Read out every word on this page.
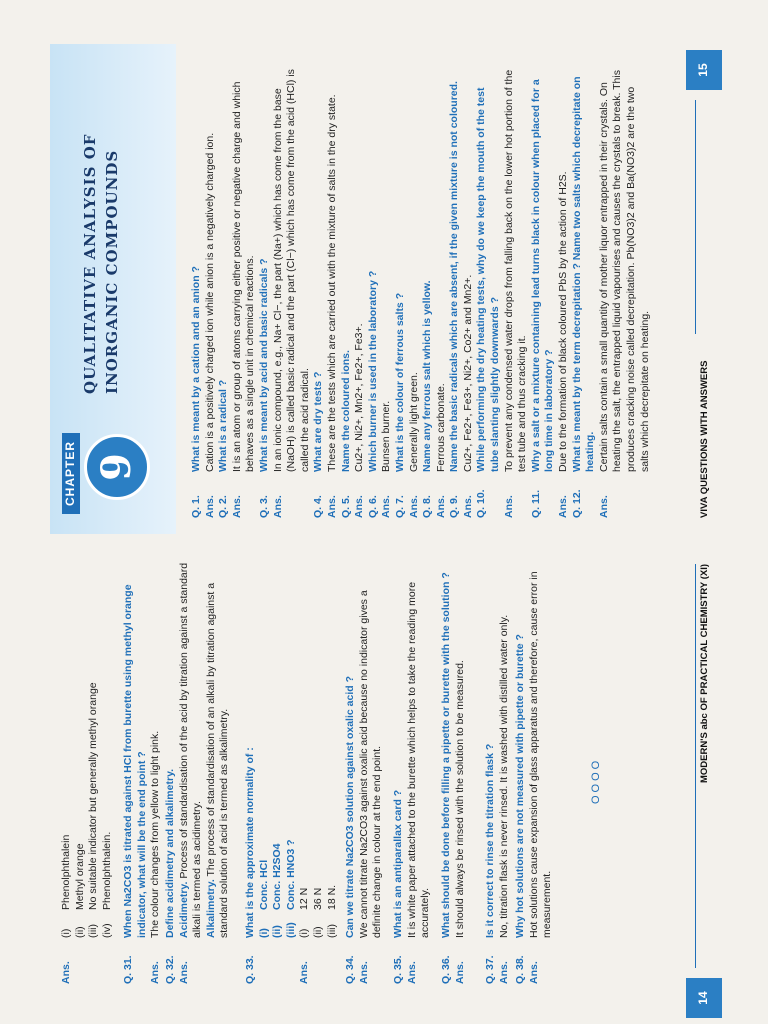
Ans.
(i)
Phenolphthalein
(ii)
Methyl orange
(iii)
No suitable indicator but generally methyl orange
(iv)
Phenolphthalein.
Q. 31.
When Na2CO3 is titrated against HCl from burette using methyl orange indicator, what will be the end point ?
Ans.
The colour changes from yellow to light pink.
Q. 32.
Define acidimetry and alkalimetry.
Ans.
Acidimetry. Process of standardisation of the acid by titration against a standard alkali is termed as acidimetry. Alkalimetry. The process of standardisation of an alkali by titration against a standard solution of acid is termed as alkalimetry.
Q. 33.
What is the approximate normality of : (i)
Conc. HCl
(ii)
Conc. H2SO4
(iii)
Conc. HNO3 ?
Ans.
(i)
12 N
(ii)
36 N
(iii)
18 N.
Q. 34.
Can we titrate Na2CO3 solution against oxalic acid ?
Ans.
We cannot titrate Na2CO3 against oxalic acid because no indicator gives a definite change in colour at the end point.
Q. 35.
What is an antiparallax card ?
Ans.
It is white paper attached to the burette which helps to take the reading more accurately.
Q. 36.
What should be done before filling a pipette or burette with the solution ?
Ans.
It should always be rinsed with the solution to be measured.
Q. 37.
Is it correct to rinse the titration flask ?
Ans.
No, titration flask is never rinsed. It is washed with distilled water only.
Q. 38.
Why hot solutions are not measured with pipette or burette ?
Ans.
Hot solutions cause expansion of glass apparatus and therefore, cause error in measurement.
OOOO
14
MODERN'S abc OF PRACTICAL CHEMISTRY (XI)
CHAPTER 9
QUALITATIVE ANALYSIS OF INORGANIC COMPOUNDS
Q. 1.
What is meant by a cation and an anion ?
Ans.
Cation is a positively charged ion while anion is a negatively charged ion.
Q. 2.
What is a radical ?
Ans.
It is an atom or group of atoms carrying either positive or negative charge and which behaves as a single unit in chemical reactions.
Q. 3.
What is meant by acid and basic radicals ?
Ans.
In an ionic compound, e.g., Na+ Cl−, the part (Na+) which has come from the base (NaOH) is called basic radical and the part (Cl−) which has come from the acid (HCl) is called the acid radical.
Q. 4.
What are dry tests ?
Ans.
These are the tests which are carried out with the mixture of salts in the dry state.
Q. 5.
Name the coloured ions.
Ans.
Cu2+, Ni2+, Mn2+, Fe2+, Fe3+.
Q. 6.
Which burner is used in the laboratory ?
Ans.
Bunsen burner.
Q. 7.
What is the colour of ferrous salts ?
Ans.
Generally light green.
Q. 8.
Name any ferrous salt which is yellow.
Ans.
Ferrous carbonate.
Q. 9.
Name the basic radicals which are absent, if the given mixture is not coloured.
Ans.
Cu2+, Fe2+, Fe3+, Ni2+, Co2+ and Mn2+.
Q. 10.
While performing the dry heating tests, why do we keep the mouth of the test tube slanting slightly downwards ?
Ans.
To prevent any condensed water drops from falling back on the lower hot portion of the test tube and thus cracking it.
Q. 11.
Why a salt or a mixture containing lead turns black in colour when placed for a long time in laboratory ?
Ans.
Due to the formation of black coloured PbS by the action of H2S.
Q. 12.
What is meant by the term decrepitation ? Name two salts which decrepitate on heating.
Ans.
Certain salts contain a small quantity of mother liquor entrapped in their crystals. On heating the salt, the entrapped liquid vapourises and causes the crystals to break. This produces cracking noise called decrepitation. Pb(NO3)2 and Ba(NO3)2 are the two salts which decrepitate on heating.	VIVA QUESTIONS WITH ANSWERS
15
